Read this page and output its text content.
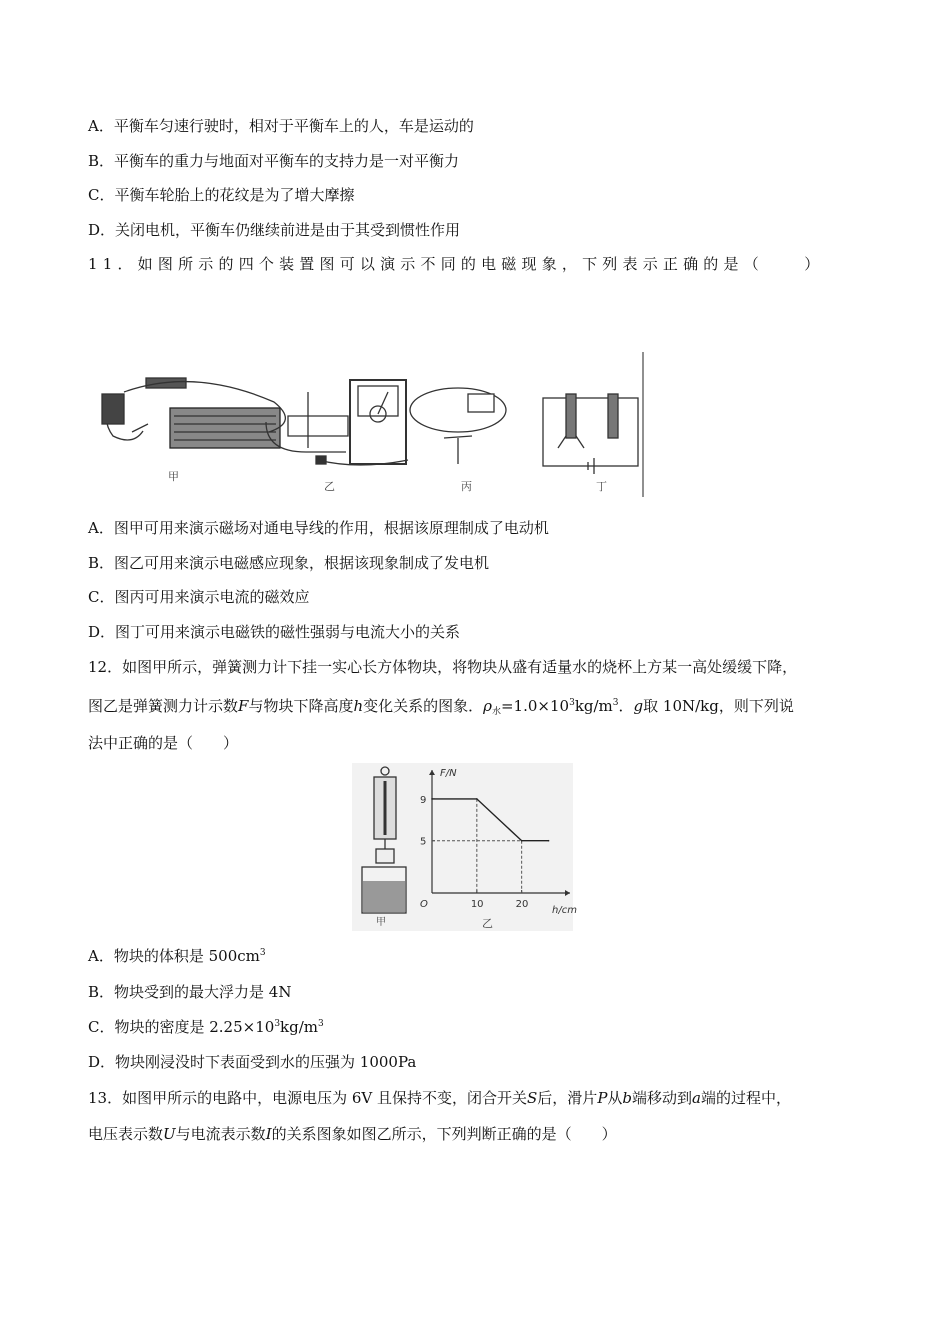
A．平衡车匀速行驶时，相对于平衡车上的人，车是运动的
B．平衡车的重力与地面对平衡车的支持力是一对平衡力
C．平衡车轮胎上的花纹是为了增大摩擦
D．关闭电机，平衡车仍继续前进是由于其受到惯性作用
11．如图所示的四个装置图可以演示不同的电磁现象，下列表示正确的是（　　）
甲
乙	丙	丁
A．图甲可用来演示磁场对通电导线的作用，根据该原理制成了电动机
B．图乙可用来演示电磁感应现象，根据该现象制成了发电机
C．图丙可用来演示电流的磁效应
D．图丁可用来演示电磁铁的磁性强弱与电流大小的关系
12．如图甲所示，弹簧测力计下挂一实心长方体物块，将物块从盛有适量水的烧杯上方某一高处缓缓下降，
图乙是弹簧测力计示数F与物块下降高度h变化关系的图象．$\rho_水=1.0\times 10^3kg/m^3$．g取 10N/kg，则下列说
法中正确的是（　　）
甲
F/N
h/cm
O
5
9
10	20
乙
A．物块的体积是 $500cm^3$
B．物块受到的最大浮力是 4N
C．物块的密度是 $2.25\times 10^3kg/m^3$
D．物块刚浸没时下表面受到水的压强为 1000Pa
13．如图甲所示的电路中，电源电压为 6V 且保持不变，闭合开关S后，滑片P从b端移动到a端的过程中，
电压表示数U与电流表示数I的关系图象如图乙所示，下列判断正确的是（　　）
